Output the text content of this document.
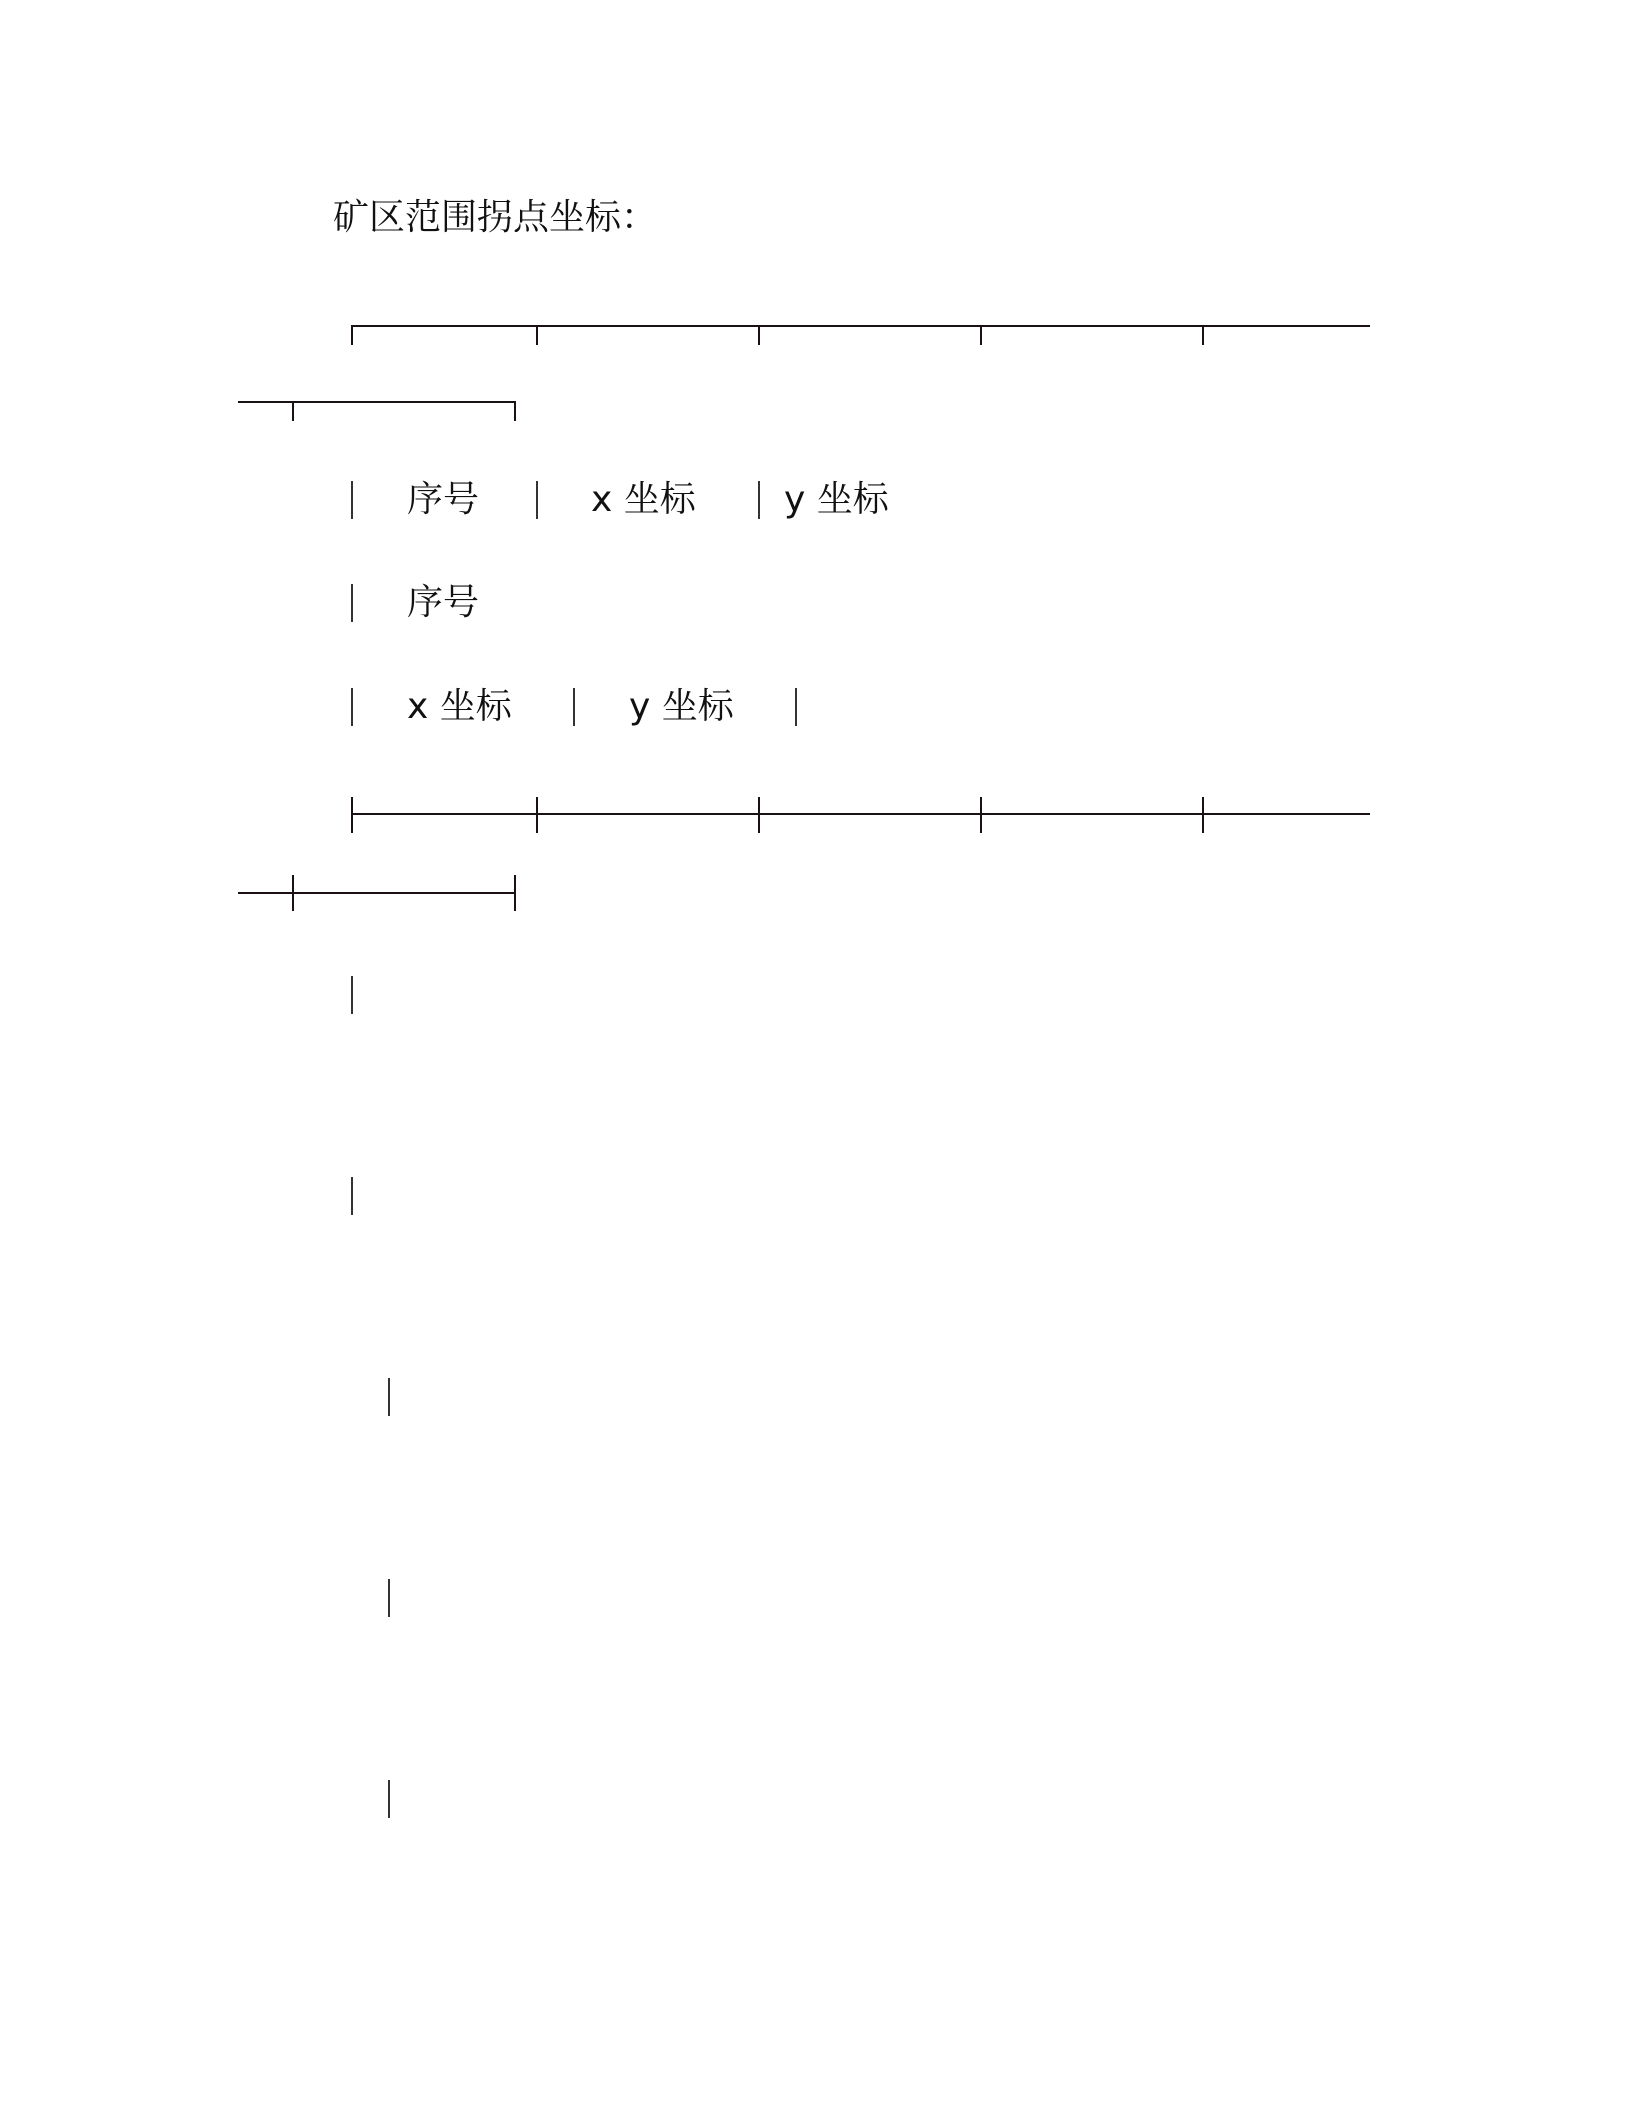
矿区范围拐点坐标：
序号	x 坐标 y 坐标
序号
x 坐标	y 坐标
